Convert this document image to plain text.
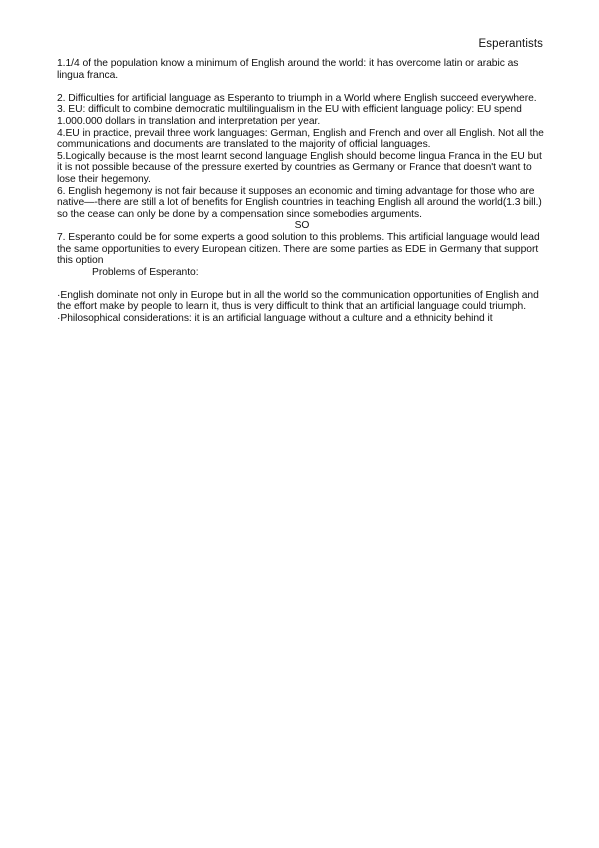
Esperantists

1.1/4 of the population know a minimum of English around the world: it has overcome latin or arabic as lingua franca.

2. Difficulties for artificial language as Esperanto to triumph in a World where English succeed everywhere.

3. EU: difficult to combine democratic multilingualism in the EU with efficient language policy: EU spend 1.000.000 dollars in translation and interpretation per year.

4.EU in practice, prevail three work languages: German, English and French and over all English. Not all the communications and documents are translated to the majority of official languages.

5.Logically because is the most learnt second language English should become lingua Franca in the EU but it is not possible because of the pressure exerted by countries as Germany or France that doesn't want to lose their hegemony.

6. English hegemony is not fair because it supposes an economic and timing advantage for those who are native—-there are still a lot of benefits for English countries in teaching English all around the world(1.3 bill.) so the cease can only be done by a compensation since somebodies arguments.

SO

7. Esperanto could be for some experts a good solution to this problems. This artificial language would lead the same opportunities to every European citizen. There are some parties as EDE in Germany that support this option

Problems of Esperanto:

·English dominate not only in Europe but in all the world so the communication opportunities of English and the effort make by people to learn it, thus is very difficult to think that an artificial language could triumph.

·Philosophical considerations: it is an artificial language without a culture and a ethnicity behind it
